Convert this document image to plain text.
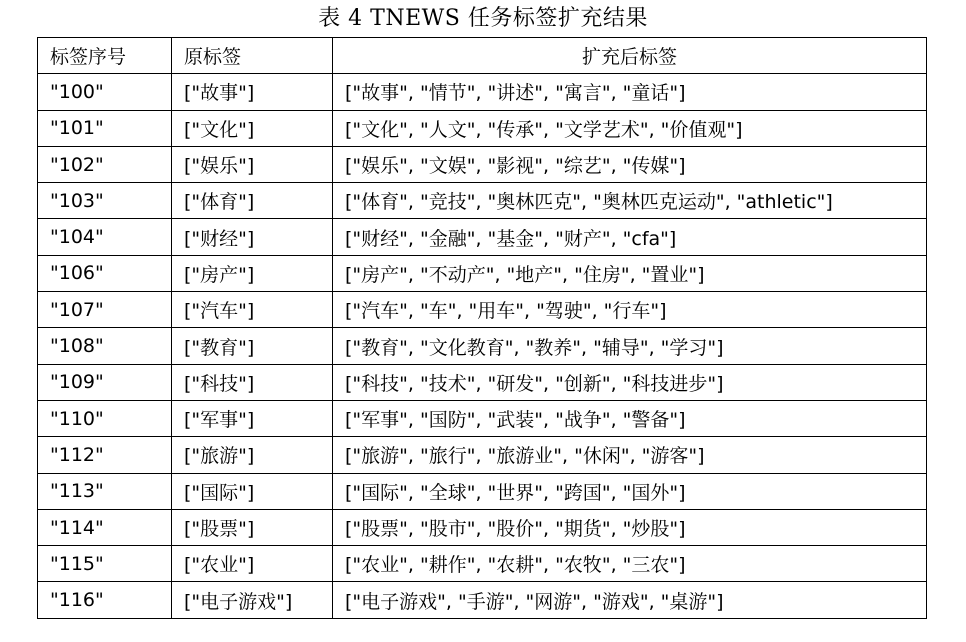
表 4 TNEWS 任务标签扩充结果
标签序号	原标签	扩充后标签
"100"	["故事"]	["故事", "情节", "讲述", "寓言", "童话"]
"101"	["文化"]	["文化", "人文", "传承", "文学艺术", "价值观"]
"102"	["娱乐"]	["娱乐", "文娱", "影视", "综艺", "传媒"]
"103"	["体育"]	["体育", "竞技", "奥林匹克", "奥林匹克运动", "athletic"]
"104"	["财经"]	["财经", "金融", "基金", "财产", "cfa"]
"106"	["房产"]	["房产", "不动产", "地产", "住房", "置业"]
"107"	["汽车"]	["汽车", "车", "用车", "驾驶", "行车"]
"108"	["教育"]	["教育", "文化教育", "教养", "辅导", "学习"]
"109"	["科技"]	["科技", "技术", "研发", "创新", "科技进步"]
"110"	["军事"]	["军事", "国防", "武装", "战争", "警备"]
"112"	["旅游"]	["旅游", "旅行", "旅游业", "休闲", "游客"]
"113"	["国际"]	["国际", "全球", "世界", "跨国", "国外"]
"114"	["股票"]	["股票", "股市", "股价", "期货", "炒股"]
"115"	["农业"]	["农业", "耕作", "农耕", "农牧", "三农"]
"116"	["电子游戏"]	["电子游戏", "手游", "网游", "游戏", "桌游"]
